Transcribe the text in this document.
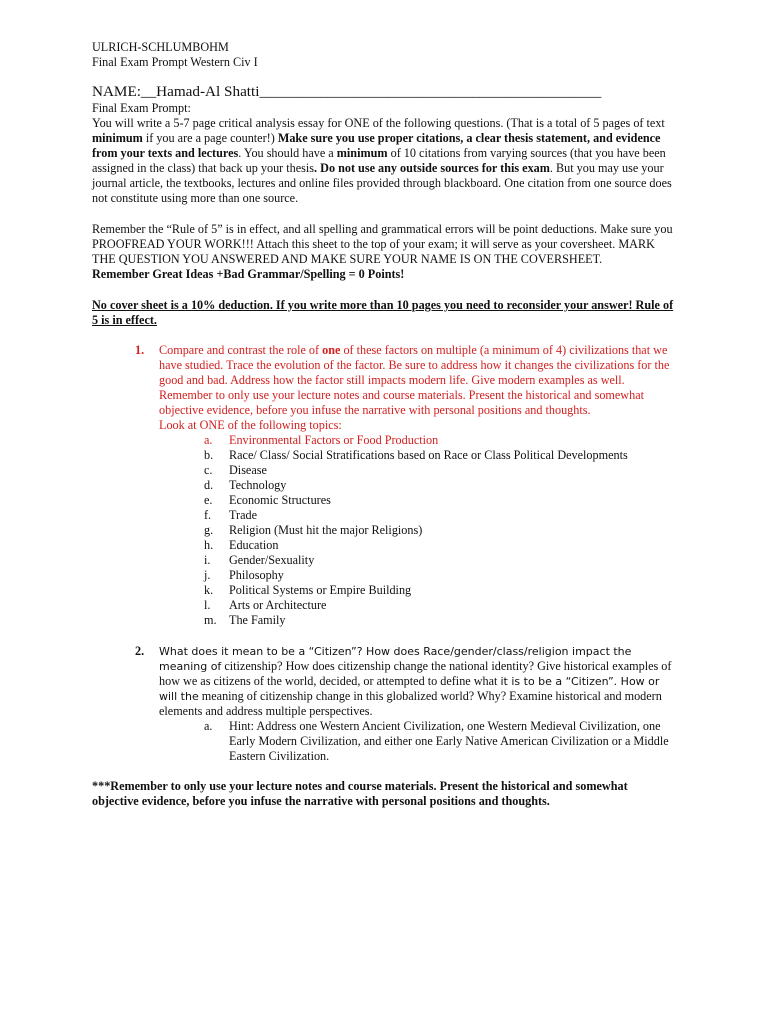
ULRICH-SCHLUMBOHM
Final Exam Prompt Western Civ I
NAME:__Hamad-Al Shatti_____________________________________________
Final Exam Prompt:

You will write a 5-7 page critical analysis essay for ONE of the following questions. (That is a total of 5 pages of text minimum if you are a page counter!) Make sure you use proper citations, a clear thesis statement, and evidence from your texts and lectures. You should have a minimum of 10 citations from varying sources (that you have been assigned in the class) that back up your thesis. Do not use any outside sources for this exam. But you may use your journal article, the textbooks, lectures and online files provided through blackboard. One citation from one source does not constitute using more than one source.

Remember the “Rule of 5” is in effect, and all spelling and grammatical errors will be point deductions. Make sure you PROOFREAD YOUR WORK!!! Attach this sheet to the top of your exam; it will serve as your coversheet. MARK THE QUESTION YOU ANSWERED AND MAKE SURE YOUR NAME IS ON THE COVERSHEET.
Remember Great Ideas +Bad Grammar/Spelling = 0 Points!

No cover sheet is a 10% deduction. If you write more than 10 pages you need to reconsider your answer! Rule of 5 is in effect.

1. Compare and contrast the role of one of these factors on multiple (a minimum of 4) civilizations that we have studied. Trace the evolution of the factor. Be sure to address how it changes the civilizations for the good and bad. Address how the factor still impacts modern life. Give modern examples as well. Remember to only use your lecture notes and course materials. Present the historical and somewhat objective evidence, before you infuse the narrative with personal positions and thoughts.
Look at ONE of the following topics:

a. Environmental Factors or Food Production
b. Race/ Class/ Social Stratifications based on Race or Class Political Developments
c. Disease
d. Technology
e. Economic Structures
f. Trade
g. Religion (Must hit the major Religions)
h. Education
i. Gender/Sexuality
j. Philosophy
k. Political Systems or Empire Building
l. Arts or Architecture
m. The Family
2. What does it mean to be a “Citizen”? How does Race/gender/class/religion impact the meaning of citizenship? How does citizenship change the national identity? Give historical examples of how we as citizens of the world, decided, or attempted to define what it is to be a “Citizen”. How or will the meaning of citizenship change in this globalized world? Why? Examine historical and modern elements and address multiple perspectives.

a. Hint: Address one Western Ancient Civilization, one Western Medieval Civilization, one Early Modern Civilization, and either one Early Native American Civilization or a Middle Eastern Civilization.

***Remember to only use your lecture notes and course materials. Present the historical and somewhat objective evidence, before you infuse the narrative with personal positions and thoughts.
